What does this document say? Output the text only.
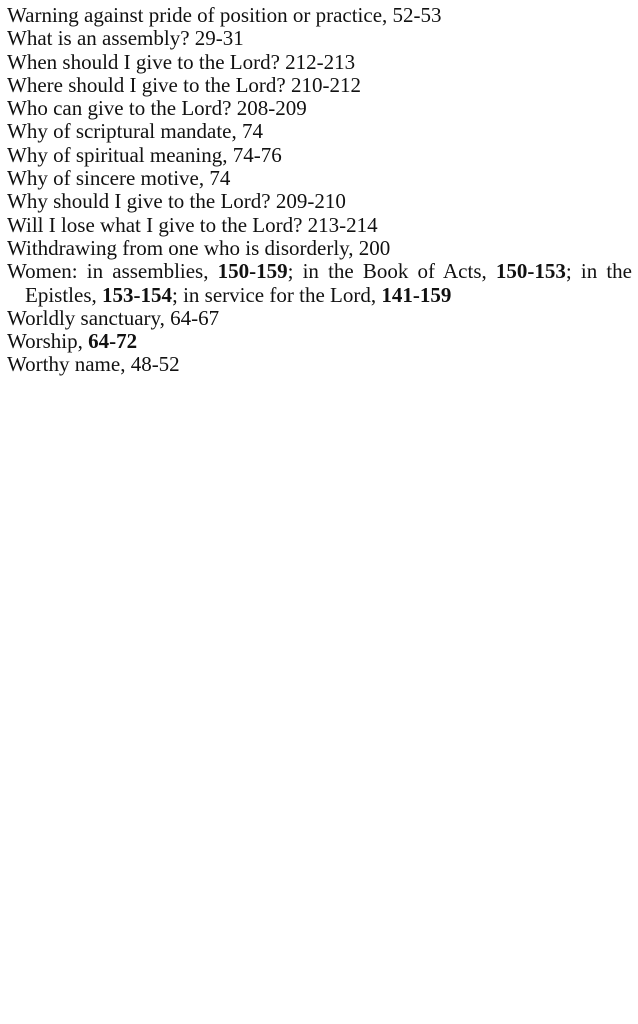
Warning against pride of position or practice, 52-53
What is an assembly? 29-31
When should I give to the Lord? 212-213
Where should I give to the Lord? 210-212
Who can give to the Lord? 208-209
Why of scriptural mandate, 74
Why of spiritual meaning, 74-76
Why of sincere motive, 74
Why should I give to the Lord? 209-210
Will I lose what I give to the Lord? 213-214
Withdrawing from one who is disorderly, 200
Women: in assemblies, 150-159; in the Book of Acts, 150-153; in the Epistles, 153-154; in service for the Lord, 141-159
Worldly sanctuary, 64-67
Worship, 64-72
Worthy name, 48-52
